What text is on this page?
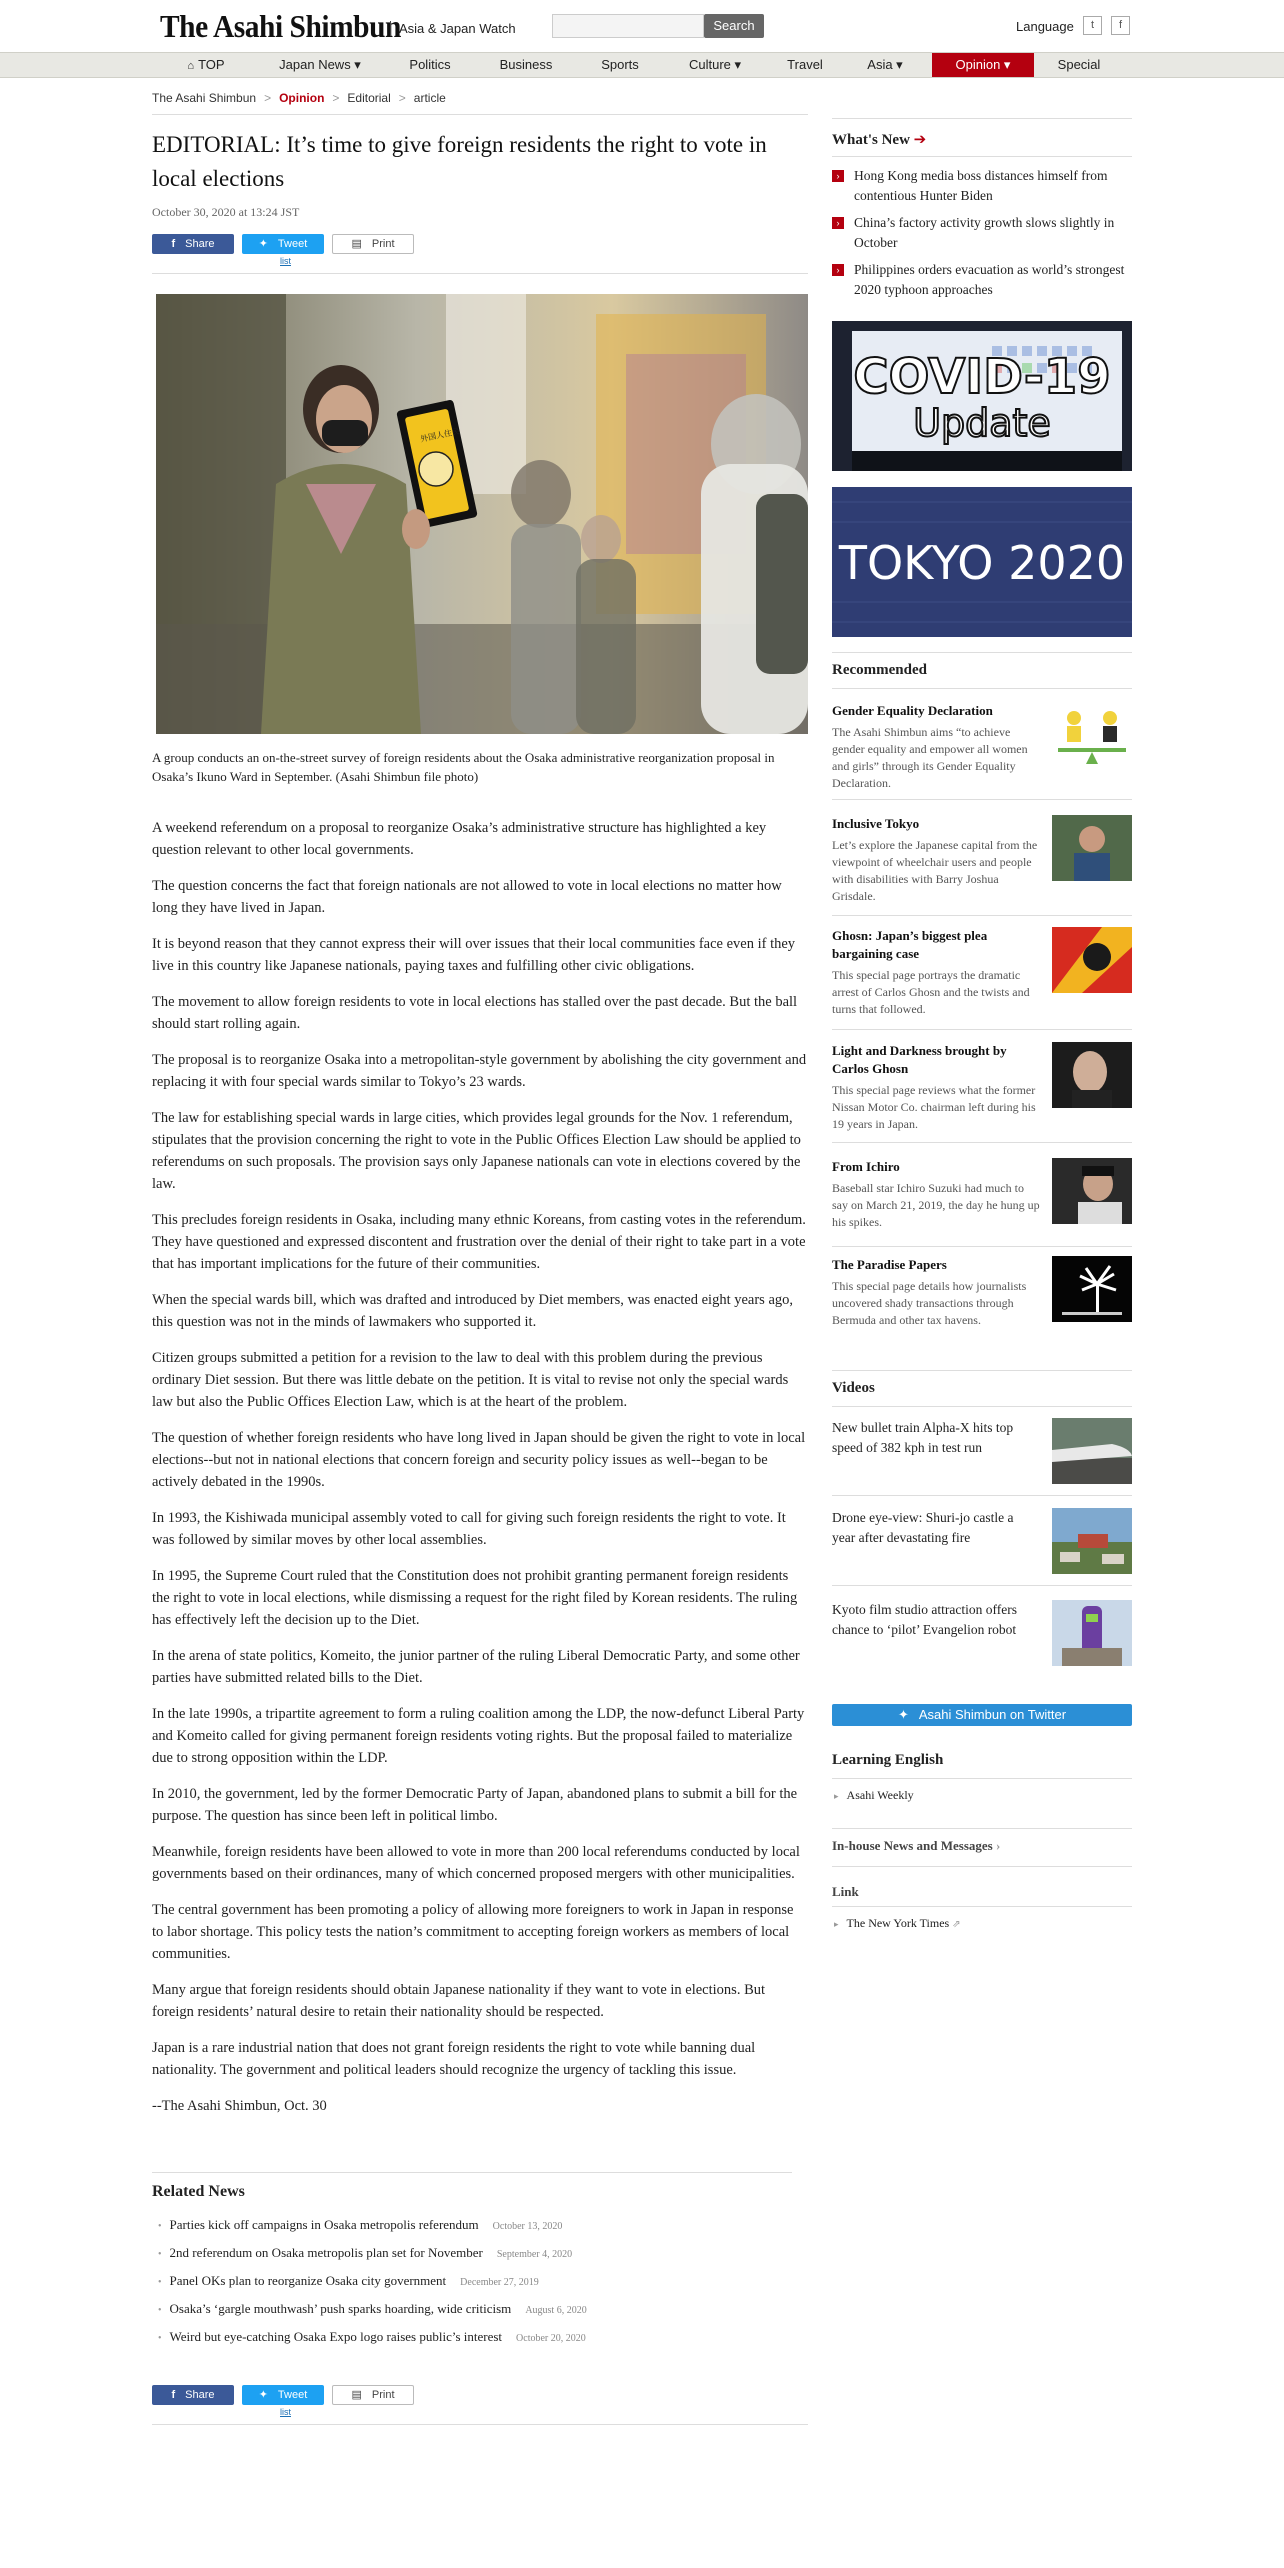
The Asahi Shimbun
Asia & Japan Watch	Search	Language	t	f
⌂ TOP	Japan News ▾	Politics	Business	Sports	Culture ▾	Travel	Asia ▾	Opinion ▾	Special
The Asahi Shimbun > Opinion > Editorial > article
EDITORIAL: It’s time to give foreign residents the right to vote in local elections
October 30, 2020 at 13:24 JST
f Share	✦ Tweet	▤ Print
list
外国人住民
A group conducts an on-the-street survey of foreign residents about the Osaka administrative reorganization proposal in Osaka’s Ikuno Ward in September. (Asahi Shimbun file photo)

A weekend referendum on a proposal to reorganize Osaka’s administrative structure has highlighted a key question relevant to other local governments.

The question concerns the fact that foreign nationals are not allowed to vote in local elections no matter how long they have lived in Japan.

It is beyond reason that they cannot express their will over issues that their local communities face even if they live in this country like Japanese nationals, paying taxes and fulfilling other civic obligations.

The movement to allow foreign residents to vote in local elections has stalled over the past decade. But the ball should start rolling again.

The proposal is to reorganize Osaka into a metropolitan-style government by abolishing the city government and replacing it with four special wards similar to Tokyo’s 23 wards.

The law for establishing special wards in large cities, which provides legal grounds for the Nov. 1 referendum, stipulates that the provision concerning the right to vote in the Public Offices Election Law should be applied to referendums on such proposals. The provision says only Japanese nationals can vote in elections covered by the law.

This precludes foreign residents in Osaka, including many ethnic Koreans, from casting votes in the referendum. They have questioned and expressed discontent and frustration over the denial of their right to take part in a vote that has important implications for the future of their communities.

When the special wards bill, which was drafted and introduced by Diet members, was enacted eight years ago, this question was not in the minds of lawmakers who supported it.

Citizen groups submitted a petition for a revision to the law to deal with this problem during the previous ordinary Diet session. But there was little debate on the petition. It is vital to revise not only the special wards law but also the Public Offices Election Law, which is at the heart of the problem.

The question of whether foreign residents who have long lived in Japan should be given the right to vote in local elections--but not in national elections that concern foreign and security policy issues as well--began to be actively debated in the 1990s.

In 1993, the Kishiwada municipal assembly voted to call for giving such foreign residents the right to vote. It was followed by similar moves by other local assemblies.

In 1995, the Supreme Court ruled that the Constitution does not prohibit granting permanent foreign residents the right to vote in local elections, while dismissing a request for the right filed by Korean residents. The ruling has effectively left the decision up to the Diet.

In the arena of state politics, Komeito, the junior partner of the ruling Liberal Democratic Party, and some other parties have submitted related bills to the Diet.

In the late 1990s, a tripartite agreement to form a ruling coalition among the LDP, the now-defunct Liberal Party and Komeito called for giving permanent foreign residents voting rights. But the proposal failed to materialize due to strong opposition within the LDP.

In 2010, the government, led by the former Democratic Party of Japan, abandoned plans to submit a bill for the purpose. The question has since been left in political limbo.

Meanwhile, foreign residents have been allowed to vote in more than 200 local referendums conducted by local governments based on their ordinances, many of which concerned proposed mergers with other municipalities.

The central government has been promoting a policy of allowing more foreigners to work in Japan in response to labor shortage. This policy tests the nation’s commitment to accepting foreign workers as members of local communities.

Many argue that foreign residents should obtain Japanese nationality if they want to vote in elections. But foreign residents’ natural desire to retain their nationality should be respected.

Japan is a rare industrial nation that does not grant foreign residents the right to vote while banning dual nationality. The government and political leaders should recognize the urgency of tackling this issue.

--The Asahi Shimbun, Oct. 30

Related News
• Parties kick off campaigns in Osaka metropolis referendum October 13, 2020
• 2nd referendum on Osaka metropolis plan set for November September 4, 2020
• Panel OKs plan to reorganize Osaka city government December 27, 2019
• Osaka’s ‘gargle mouthwash’ push sparks hoarding, wide criticism August 6, 2020
• Weird but eye-catching Osaka Expo logo raises public’s interest October 20, 2020
f Share	✦ Tweet	▤ Print
list
What's New ➔
›	Hong Kong media boss distances himself from contentious Hunter Biden
›	China’s factory activity growth slows slightly in October
›	Philippines orders evacuation as world’s strongest 2020 typhoon approaches
COVID-19
Update
TOKYO 2020
Recommended
Gender Equality Declaration
The Asahi Shimbun aims “to achieve gender equality and empower all women and girls” through its Gender Equality Declaration.
Inclusive Tokyo
Let’s explore the Japanese capital from the viewpoint of wheelchair users and people with disabilities with Barry Joshua Grisdale.
Ghosn: Japan’s biggest plea bargaining case
This special page portrays the dramatic arrest of Carlos Ghosn and the twists and turns that followed.
Light and Darkness brought by Carlos Ghosn
This special page reviews what the former Nissan Motor Co. chairman left during his 19 years in Japan.
From Ichiro
Baseball star Ichiro Suzuki had much to say on March 21, 2019, the day he hung up his spikes.
The Paradise Papers
This special page details how journalists uncovered shady transactions through Bermuda and other tax havens.
Videos
New bullet train Alpha-X hits top speed of 382 kph in test run
Drone eye-view: Shuri-jo castle a year after devastating fire
Kyoto film studio attraction offers chance to ‘pilot’ Evangelion robot
✦ Asahi Shimbun on Twitter
Learning English
▸ Asahi Weekly
In-house News and Messages ›
Link
▸ The New York Times ⇗
